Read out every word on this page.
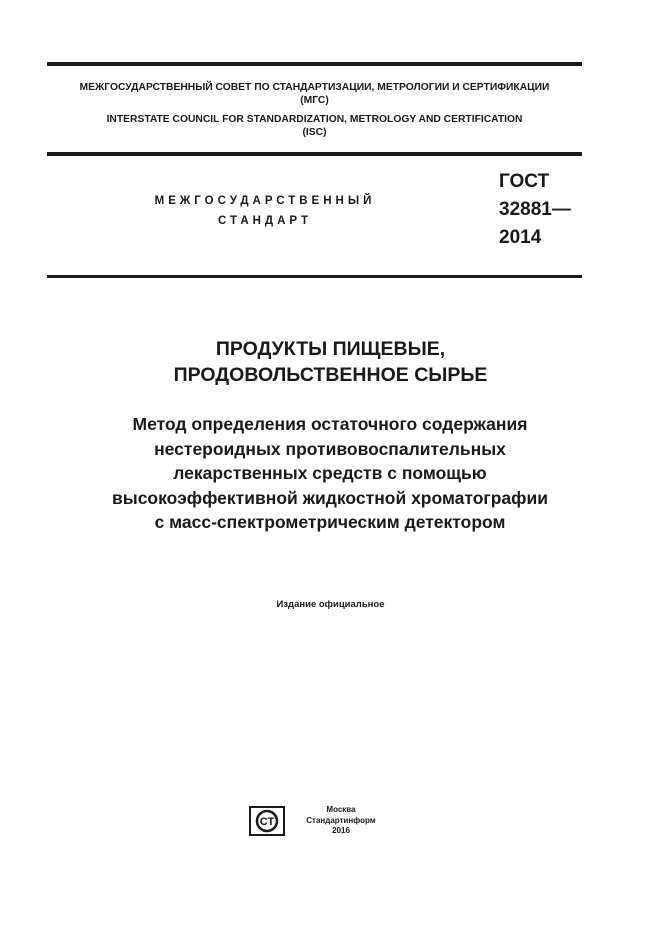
МЕЖГОСУДАРСТВЕННЫЙ СОВЕТ ПО СТАНДАРТИЗАЦИИ, МЕТРОЛОГИИ И СЕРТИФИКАЦИИ
(МГС)
INTERSTATE COUNCIL FOR STANDARDIZATION, METROLOGY AND CERTIFICATION
(ISC)
МЕЖГОСУДАРСТВЕННЫЙ
СТАНДАРТ
ГОСТ
32881—
2014
ПРОДУКТЫ ПИЩЕВЫЕ,
ПРОДОВОЛЬСТВЕННОЕ СЫРЬЕ
Метод определения остаточного содержания
нестероидных противовоспалительных
лекарственных средств с помощью
высокоэффективной жидкостной хроматографии
с масс-спектрометрическим детектором
Издание официальное
СТ
Москва
Стандартинформ
2016
